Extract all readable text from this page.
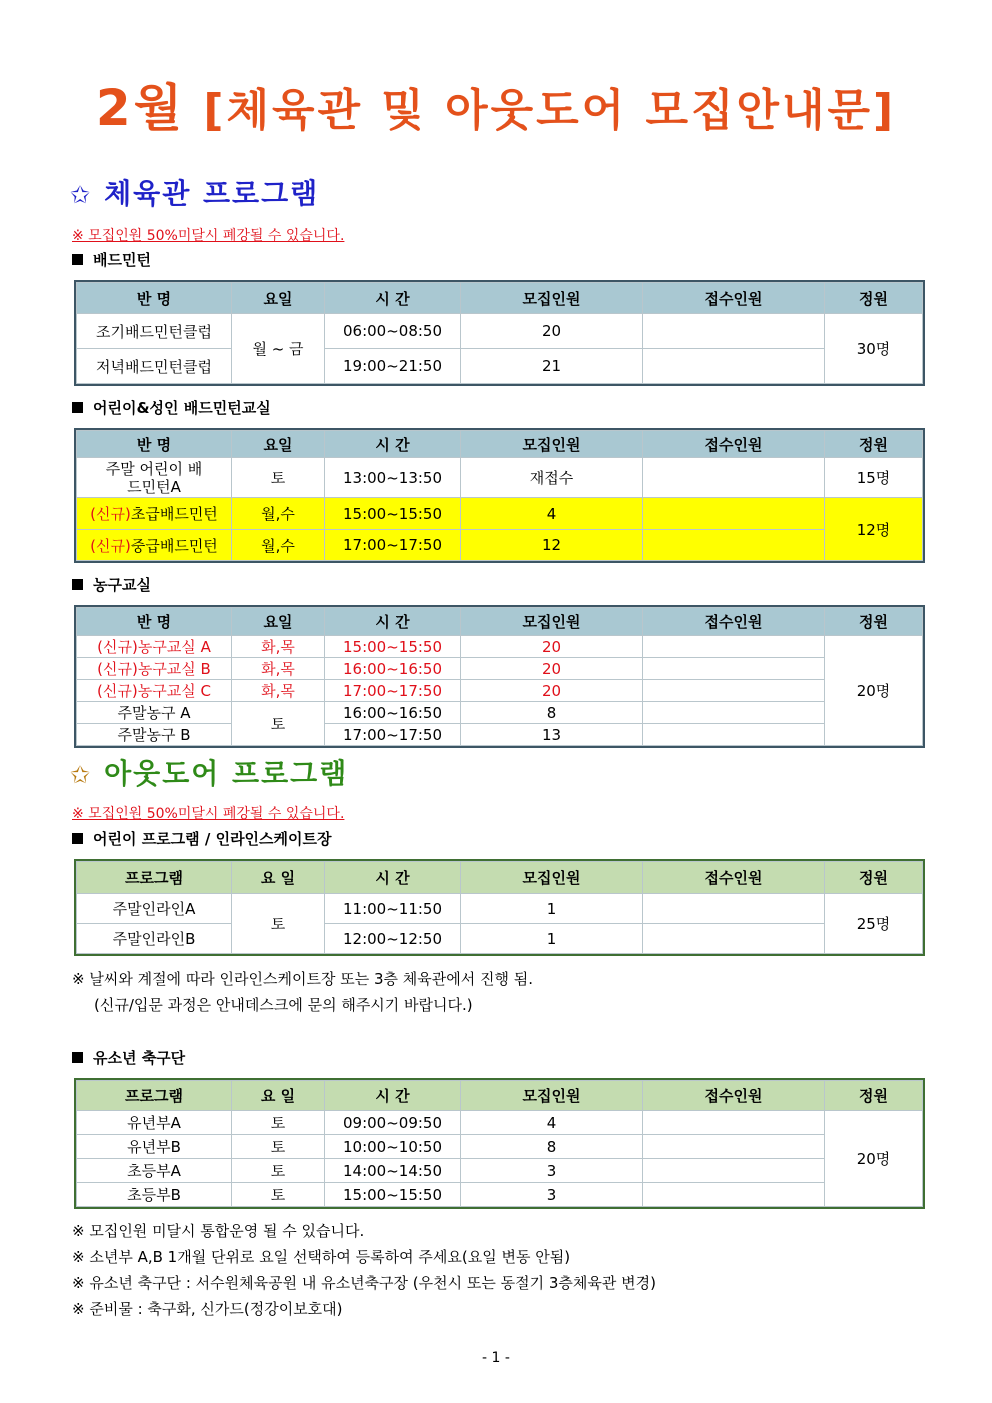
2월 [체육관 및 아웃도어 모집안내문]
✩ 체육관 프로그램
※ 모집인원 50%미달시 폐강될 수 있습니다.
배드민턴
반 명	요일	시 간	모집인원	접수인원	정원
조기배드민턴클럽	월 ~ 금	06:00~08:50	20		30명
저녁배드민턴클럽		19:00~21:50	21		
어린이&성인 배드민턴교실
반 명	요일	시 간	모집인원	접수인원	정원
주말 어린이 배드민턴A	토	13:00~13:50	재접수		15명
(신규)초급배드민턴	월,수	15:00~15:50	4		12명
(신규)중급배드민턴	월,수	17:00~17:50	12		
농구교실
반 명	요일	시 간	모집인원	접수인원	정원
(신규)농구교실 A	화,목	15:00~15:50	20		20명
(신규)농구교실 B	화,목	16:00~16:50	20		
(신규)농구교실 C	화,목	17:00~17:50	20		
주말농구 A	토	16:00~16:50	8		
주말농구 B		17:00~17:50	13		
✩ 아웃도어 프로그램
※ 모집인원 50%미달시 폐강될 수 있습니다.
어린이 프로그램 / 인라인스케이트장
프로그램	요 일	시 간	모집인원	접수인원	정원
주말인라인A	토	11:00~11:50	1		25명
주말인라인B		12:00~12:50	1		
※ 날씨와 계절에 따라 인라인스케이트장 또는 3층 체육관에서 진행 됨.
(신규/입문 과정은 안내데스크에 문의 해주시기 바랍니다.)
유소년 축구단
프로그램	요 일	시 간	모집인원	접수인원	정원
유년부A	토	09:00~09:50	4		20명
유년부B	토	10:00~10:50	8		
초등부A	토	14:00~14:50	3		
초등부B	토	15:00~15:50	3		
※ 모집인원 미달시 통합운영 될 수 있습니다.
※ 소년부 A,B 1개월 단위로 요일 선택하여 등록하여 주세요(요일 변동 안됨)
※ 유소년 축구단 : 서수원체육공원 내 유소년축구장 (우천시 또는 동절기 3층체육관 변경)
※ 준비물 : 축구화, 신가드(정강이보호대)
- 1 -
